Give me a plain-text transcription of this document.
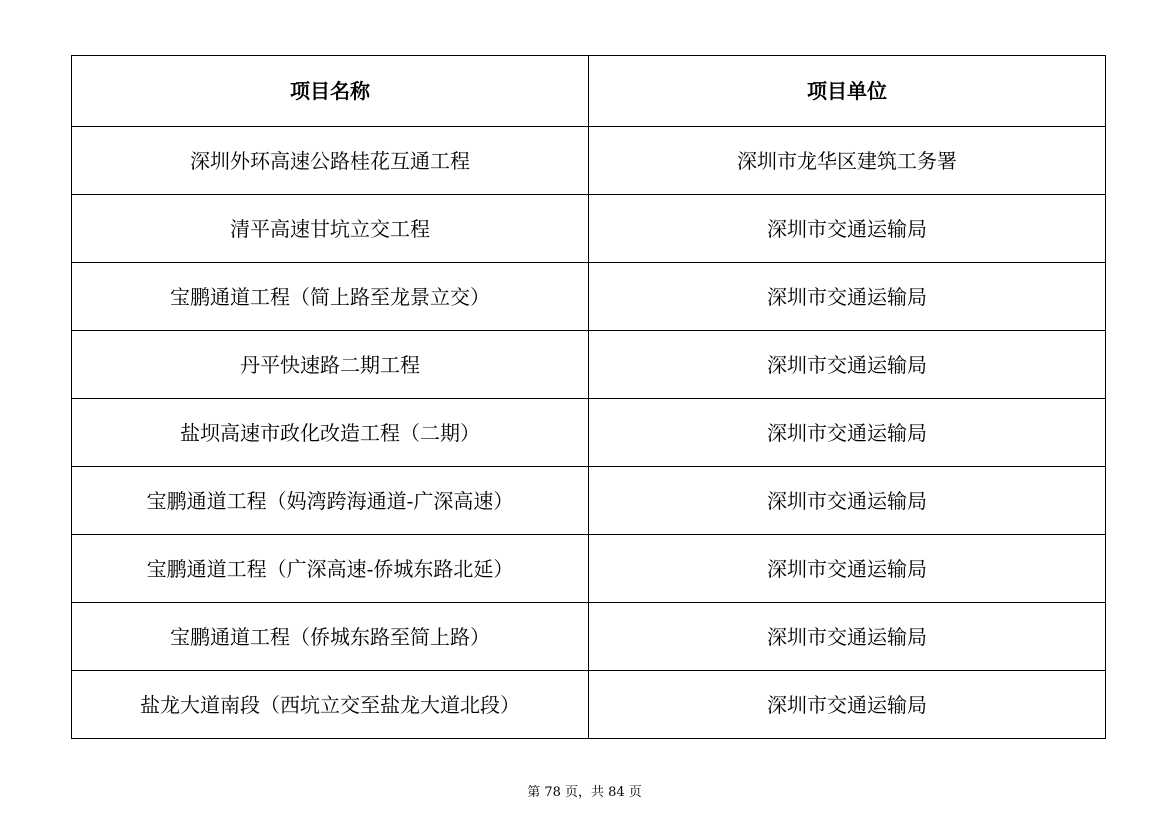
项目名称	项目单位
深圳外环高速公路桂花互通工程	深圳市龙华区建筑工务署
清平高速甘坑立交工程	深圳市交通运输局
宝鹏通道工程（简上路至龙景立交）	深圳市交通运输局
丹平快速路二期工程	深圳市交通运输局
盐坝高速市政化改造工程（二期）	深圳市交通运输局
宝鹏通道工程（妈湾跨海通道-广深高速）	深圳市交通运输局
宝鹏通道工程（广深高速-侨城东路北延）	深圳市交通运输局
宝鹏通道工程（侨城东路至简上路）	深圳市交通运输局
盐龙大道南段（西坑立交至盐龙大道北段）	深圳市交通运输局
第 78 页，共 84 页
